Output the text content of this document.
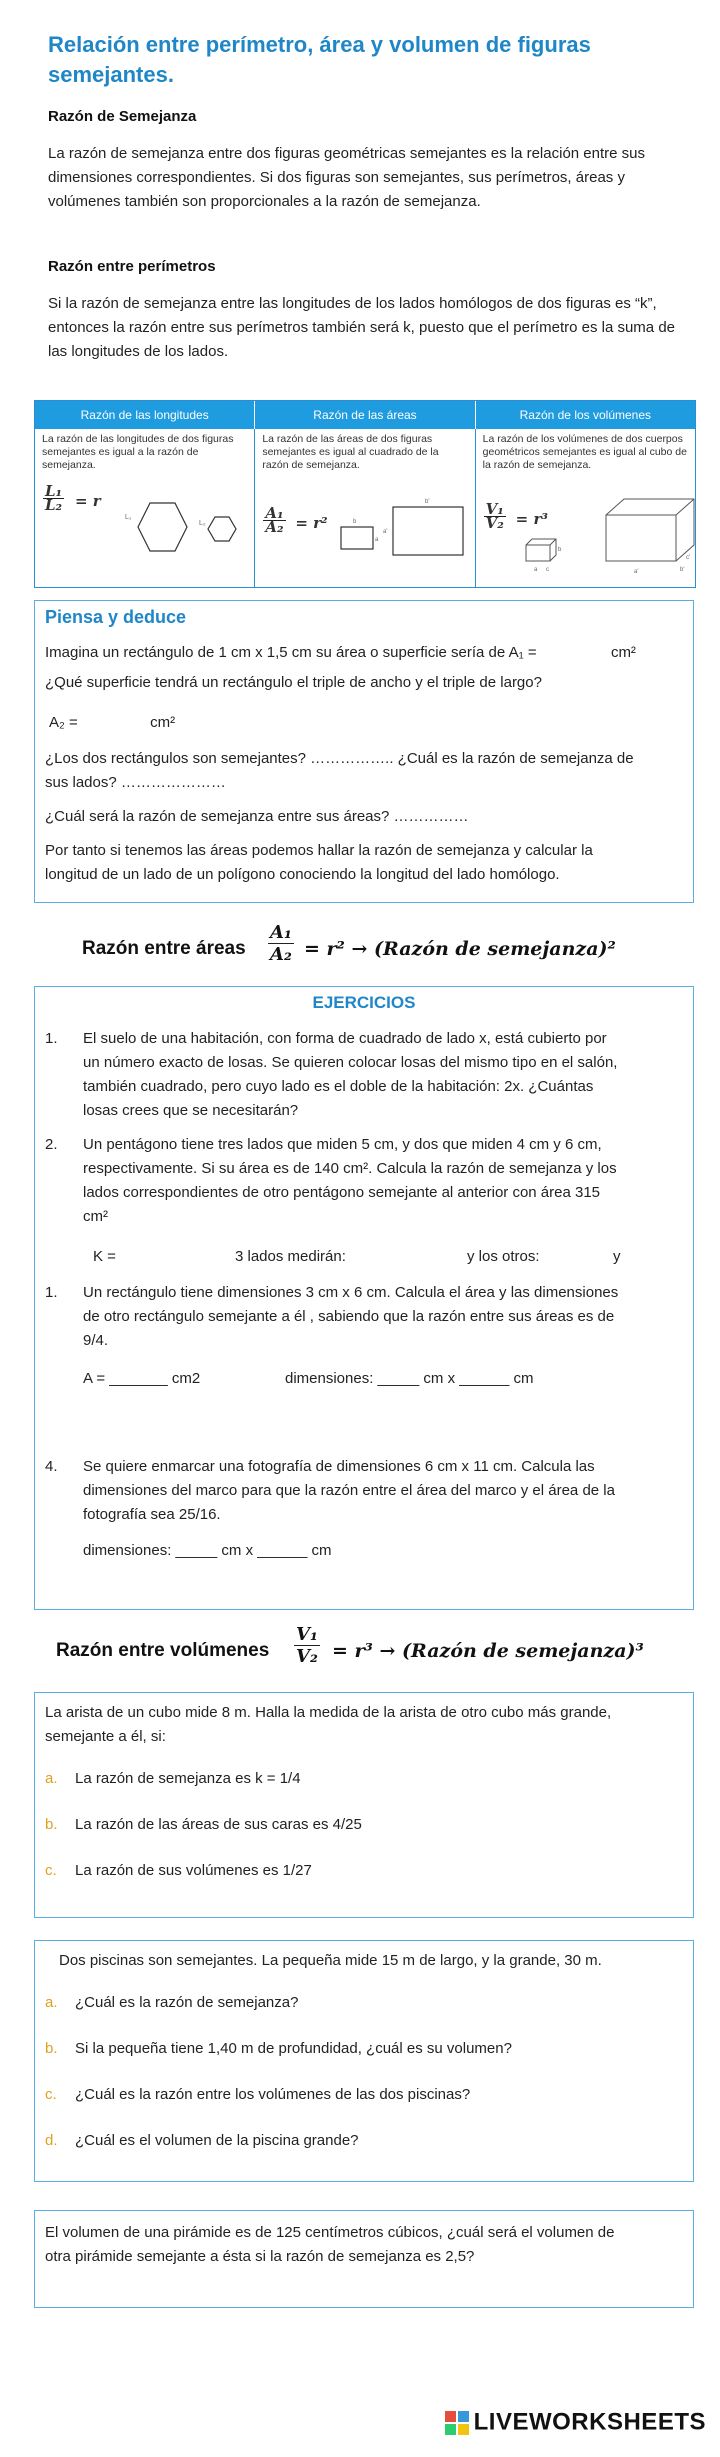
Relación entre perímetro, área y volumen de figuras semejantes.
Razón de Semejanza
La razón de semejanza entre dos figuras geométricas semejantes es la relación entre sus dimensiones correspondientes. Si dos figuras son semejantes, sus perímetros, áreas y volúmenes también son proporcionales a la razón de semejanza.
Razón entre perímetros
Si la razón de semejanza entre las longitudes de los lados homólogos de dos figuras es “k”, entonces la razón entre sus perímetros también será k, puesto que el perímetro es la suma de las longitudes de los lados.
Razón de las longitudes	Razón de las áreas	Razón de los volúmenes
La razón de las longitudes de dos figuras semejantes es igual a la razón de semejanza.
$\frac{\text{L₁}}{\text{L₂}} = r$
L₁
L₂
La razón de las áreas de dos figuras semejantes es igual al cuadrado de la razón de semejanza.
$\frac{\text{A₁}}{\text{A₂}} = r^2$	b
a
b'
a'
La razón de los volúmenes de dos cuerpos geométricos semejantes es igual al cubo de la razón de semejanza.
$\frac{\text{V₁}}{\text{V₂}} = r^3$
a
b
c	a'	b'
c'
Piensa y deduce
Imagina un rectángulo de 1 cm x 1,5 cm su área o superficie sería de A₁ =	cm²
¿Qué superficie tendrá un rectángulo el triple de ancho y el triple de largo?
A₂ =	cm²
¿Los dos rectángulos son semejantes? …………….. ¿Cuál es la razón de semejanza de
sus lados? …………………
¿Cuál será la razón de semejanza entre sus áreas? ……………
Por tanto si tenemos las áreas podemos hallar la razón de semejanza y calcular la
longitud de un lado de un polígono conociendo la longitud del lado homólogo.
Razón entre áreas $\frac{\text{A₁}}{\text{A₂}} = r^2$ → (Razón de semejanza)²
EJERCICIOS
1. El suelo de una habitación, con forma de cuadrado de lado x, está cubierto por
un número exacto de losas. Se quieren colocar losas del mismo tipo en el salón,
también cuadrado, pero cuyo lado es el doble de la habitación: 2x. ¿Cuántas
losas crees que se necesitarán?
2. Un pentágono tiene tres lados que miden 5 cm, y dos que miden 4 cm y 6 cm,
respectivamente. Si su área es de 140 cm². Calcula la razón de semejanza y los
lados correspondientes de otro pentágono semejante al anterior con área 315
cm²
K =	3 lados medirán:	y los otros:	y
1. Un rectángulo tiene dimensiones 3 cm x 6 cm. Calcula el área y las dimensiones
de otro rectángulo semejante a él , sabiendo que la razón entre sus áreas es de
9/4.
A = _______ cm2	dimensiones: _____ cm x ______ cm
4. Se quiere enmarcar una fotografía de dimensiones 6 cm x 11 cm. Calcula las
dimensiones del marco para que la razón entre el área del marco y el área de la
fotografía sea 25/16.
dimensiones: _____ cm x ______ cm
Razón entre volúmenes $\frac{\text{V₁}}{\text{V₂}} = r^3$ → (Razón de semejanza)³
La arista de un cubo mide 8 m. Halla la medida de la arista de otro cubo más grande,
semejante a él, si:
a. La razón de semejanza es k = 1/4
b. La razón de las áreas de sus caras es 4/25
c. La razón de sus volúmenes es 1/27
Dos piscinas son semejantes. La pequeña mide 15 m de largo, y la grande, 30 m.
a. ¿Cuál es la razón de semejanza?
b. Si la pequeña tiene 1,40 m de profundidad, ¿cuál es su volumen?
c. ¿Cuál es la razón entre los volúmenes de las dos piscinas?
d. ¿Cuál es el volumen de la piscina grande?
El volumen de una pirámide es de 125 centímetros cúbicos, ¿cuál será el volumen de
otra pirámide semejante a ésta si la razón de semejanza es 2,5?
LIVEWORKSHEETS
